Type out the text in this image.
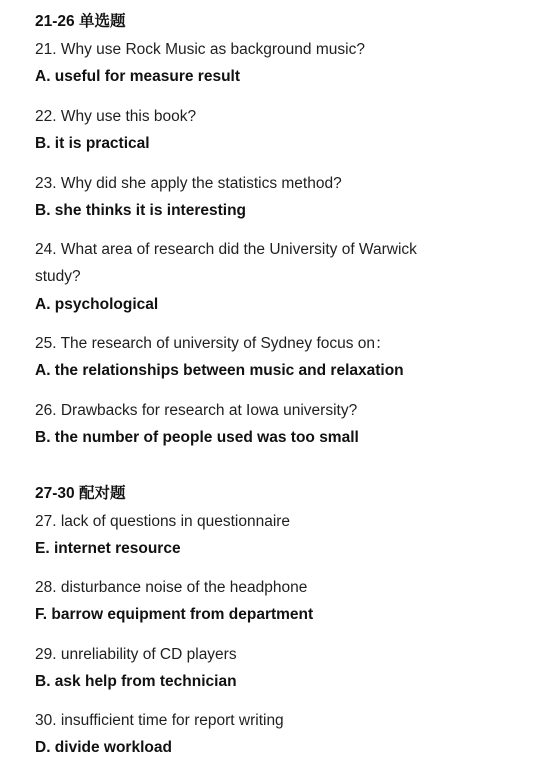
21-26 单选题
21. Why use Rock Music as background music?
A. useful for measure result
22. Why use this book?
B. it is practical
23. Why did she apply the statistics method?
B. she thinks it is interesting
24. What area of research did the University of Warwick
study?
A. psychological
25. The research of university of Sydney focus on：
A. the relationships between music and relaxation
26. Drawbacks for research at Iowa university?
B. the number of people used was too small
27-30 配对题
27. lack of questions in questionnaire
E. internet resource
28. disturbance noise of the headphone
F. barrow equipment from department
29. unreliability of CD players
B. ask help from technician
30. insufficient time for report writing
D. divide workload
